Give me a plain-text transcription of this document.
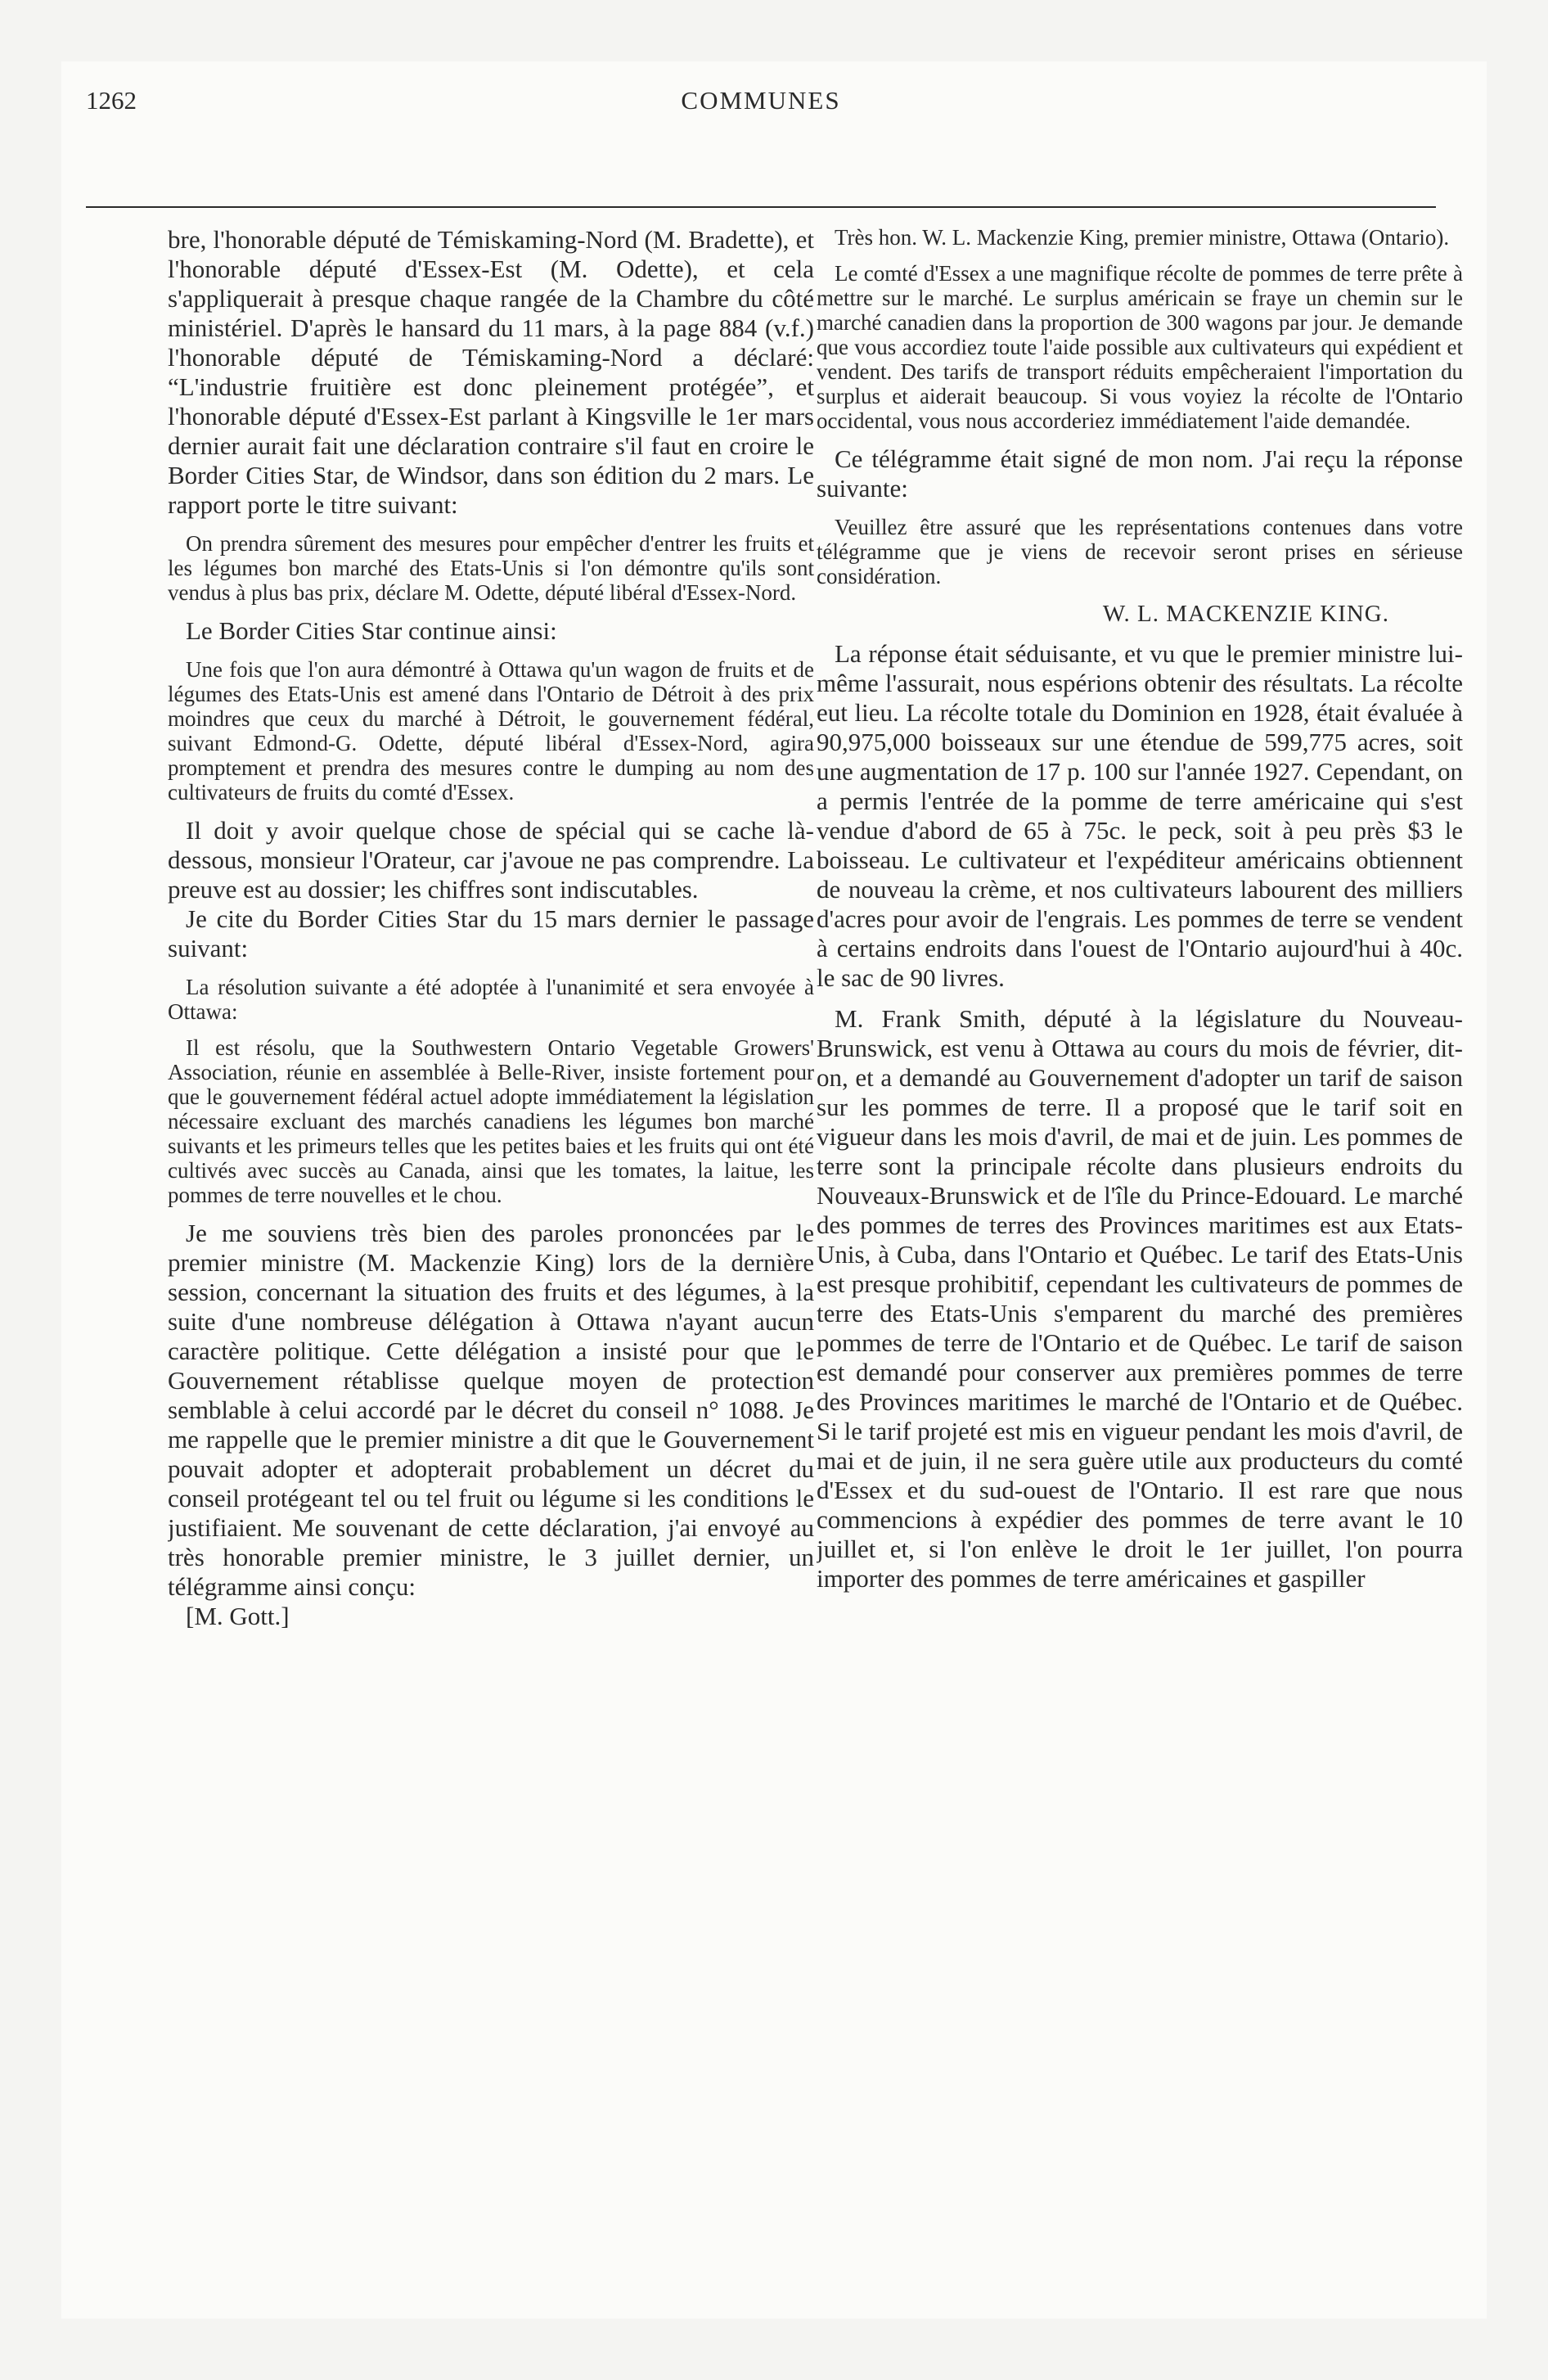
1262	COMMUNES

bre, l'honorable député de Témiskaming-Nord (M. Bradette), et l'honorable député d'Essex-Est (M. Odette), et cela s'appliquerait à presque chaque rangée de la Chambre du côté ministériel. D'après le hansard du 11 mars, à la page 884 (v.f.) l'honorable député de Témiskaming-Nord a déclaré: “L'industrie fruitière est donc pleinement protégée”, et l'honorable député d'Essex-Est parlant à Kingsville le 1er mars dernier aurait fait une déclaration contraire s'il faut en croire le Border Cities Star, de Windsor, dans son édition du 2 mars. Le rapport porte le titre suivant:

On prendra sûrement des mesures pour empêcher d'entrer les fruits et les légumes bon marché des Etats-Unis si l'on démontre qu'ils sont vendus à plus bas prix, déclare M. Odette, député libéral d'Essex-Nord.

Le Border Cities Star continue ainsi:

Une fois que l'on aura démontré à Ottawa qu'un wagon de fruits et de légumes des Etats-Unis est amené dans l'Ontario de Détroit à des prix moindres que ceux du marché à Détroit, le gouvernement fédéral, suivant Edmond-G. Odette, député libéral d'Essex-Nord, agira promptement et prendra des mesures contre le dumping au nom des cultivateurs de fruits du comté d'Essex.

Il doit y avoir quelque chose de spécial qui se cache là-dessous, monsieur l'Orateur, car j'avoue ne pas comprendre. La preuve est au dossier; les chiffres sont indiscutables.

Je cite du Border Cities Star du 15 mars dernier le passage suivant:

La résolution suivante a été adoptée à l'unanimité et sera envoyée à Ottawa:

Il est résolu, que la Southwestern Ontario Vegetable Growers' Association, réunie en assemblée à Belle-River, insiste fortement pour que le gouvernement fédéral actuel adopte immédiatement la législation nécessaire excluant des marchés canadiens les légumes bon marché suivants et les primeurs telles que les petites baies et les fruits qui ont été cultivés avec succès au Canada, ainsi que les tomates, la laitue, les pommes de terre nouvelles et le chou.

Je me souviens très bien des paroles prononcées par le premier ministre (M. Mackenzie King) lors de la dernière session, concernant la situation des fruits et des légumes, à la suite d'une nombreuse délégation à Ottawa n'ayant aucun caractère politique. Cette délégation a insisté pour que le Gouvernement rétablisse quelque moyen de protection semblable à celui accordé par le décret du conseil n° 1088. Je me rappelle que le premier ministre a dit que le Gouvernement pouvait adopter et adopterait probablement un décret du conseil protégeant tel ou tel fruit ou légume si les conditions le justifiaient. Me souvenant de cette déclaration, j'ai envoyé au très honorable premier ministre, le 3 juillet dernier, un télégramme ainsi conçu:

[M. Gott.]

Très hon. W. L. Mackenzie King, premier ministre, Ottawa (Ontario).

Le comté d'Essex a une magnifique récolte de pommes de terre prête à mettre sur le marché. Le surplus américain se fraye un chemin sur le marché canadien dans la proportion de 300 wagons par jour. Je demande que vous accordiez toute l'aide possible aux cultivateurs qui expédient et vendent. Des tarifs de transport réduits empêcheraient l'importation du surplus et aiderait beaucoup. Si vous voyiez la récolte de l'Ontario occidental, vous nous accorderiez immédiatement l'aide demandée.

Ce télégramme était signé de mon nom. J'ai reçu la réponse suivante:

Veuillez être assuré que les représentations contenues dans votre télégramme que je viens de recevoir seront prises en sérieuse considération.

W. L. MACKENZIE KING.

La réponse était séduisante, et vu que le premier ministre lui-même l'assurait, nous espérions obtenir des résultats. La récolte eut lieu. La récolte totale du Dominion en 1928, était évaluée à 90,975,000 boisseaux sur une étendue de 599,775 acres, soit une augmentation de 17 p. 100 sur l'année 1927. Cependant, on a permis l'entrée de la pomme de terre américaine qui s'est vendue d'abord de 65 à 75c. le peck, soit à peu près $3 le boisseau. Le cultivateur et l'expéditeur américains obtiennent de nouveau la crème, et nos cultivateurs labourent des milliers d'acres pour avoir de l'engrais. Les pommes de terre se vendent à certains endroits dans l'ouest de l'Ontario aujourd'hui à 40c. le sac de 90 livres.

M. Frank Smith, député à la législature du Nouveau-Brunswick, est venu à Ottawa au cours du mois de février, dit-on, et a demandé au Gouvernement d'adopter un tarif de saison sur les pommes de terre. Il a proposé que le tarif soit en vigueur dans les mois d'avril, de mai et de juin. Les pommes de terre sont la principale récolte dans plusieurs endroits du Nouveaux-Brunswick et de l'île du Prince-Edouard. Le marché des pommes de terres des Provinces maritimes est aux Etats-Unis, à Cuba, dans l'Ontario et Québec. Le tarif des Etats-Unis est presque prohibitif, cependant les cultivateurs de pommes de terre des Etats-Unis s'emparent du marché des premières pommes de terre de l'Ontario et de Québec. Le tarif de saison est demandé pour conserver aux premières pommes de terre des Provinces maritimes le marché de l'Ontario et de Québec. Si le tarif projeté est mis en vigueur pendant les mois d'avril, de mai et de juin, il ne sera guère utile aux producteurs du comté d'Essex et du sud-ouest de l'Ontario. Il est rare que nous commencions à expédier des pommes de terre avant le 10 juillet et, si l'on enlève le droit le 1er juillet, l'on pourra importer des pommes de terre américaines et gaspiller
